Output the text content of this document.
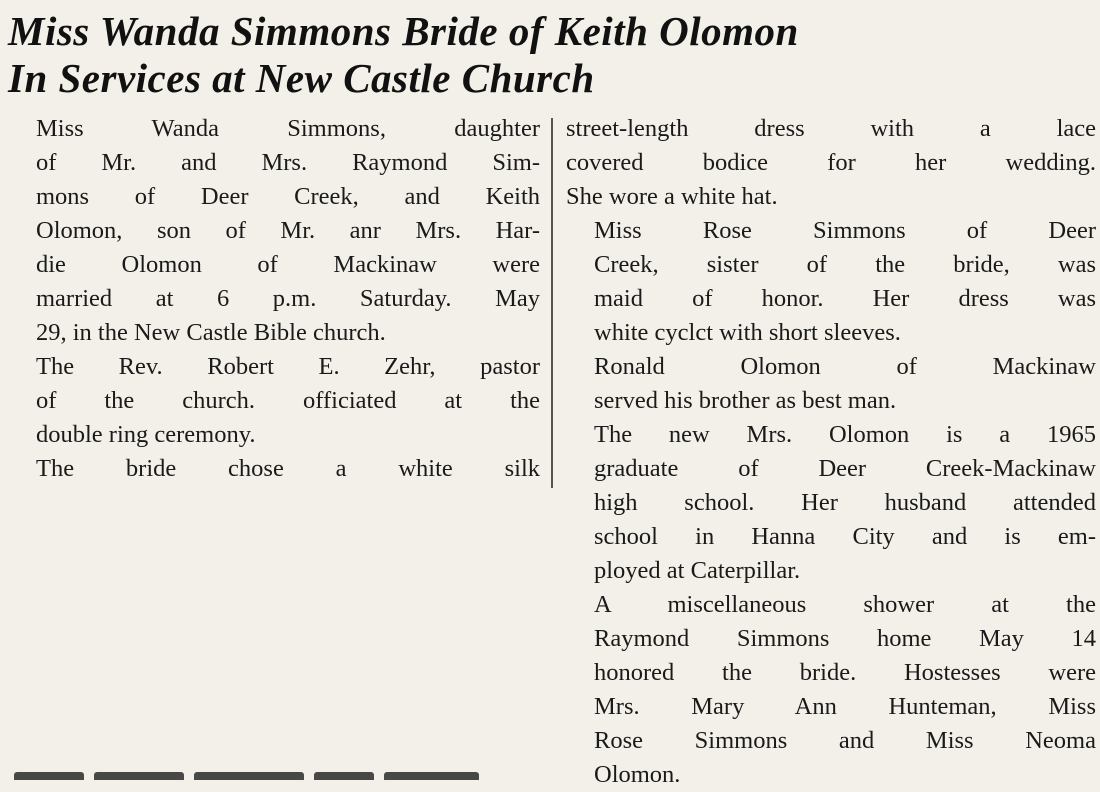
Miss Wanda Simmons Bride of Keith Olomon
In Services at New Castle Church

Miss Wanda Simmons, daughter
of Mr. and Mrs. Raymond Sim-
mons of Deer Creek, and Keith
Olomon, son of Mr. anr Mrs. Har-
die Olomon of Mackinaw were
married at 6 p.m. Saturday. May
29, in the New Castle Bible church.

The Rev. Robert E. Zehr, pastor
of the church. officiated at the
double ring ceremony.

The bride chose a white silk

street-length dress with a lace
covered bodice for her wedding.
She wore a white hat.

Miss Rose Simmons of Deer
Creek, sister of the bride, was
maid of honor. Her dress was
white cyclct with short sleeves.

Ronald Olomon of Mackinaw
served his brother as best man.

The new Mrs. Olomon is a 1965
graduate of Deer Creek-Mackinaw
high school. Her husband attended
school in Hanna City and is em-
ployed at Caterpillar.

A miscellaneous shower at the
Raymond Simmons home May 14
honored the bride. Hostesses were
Mrs. Mary Ann Hunteman, Miss
Rose Simmons and Miss Neoma
Olomon.
